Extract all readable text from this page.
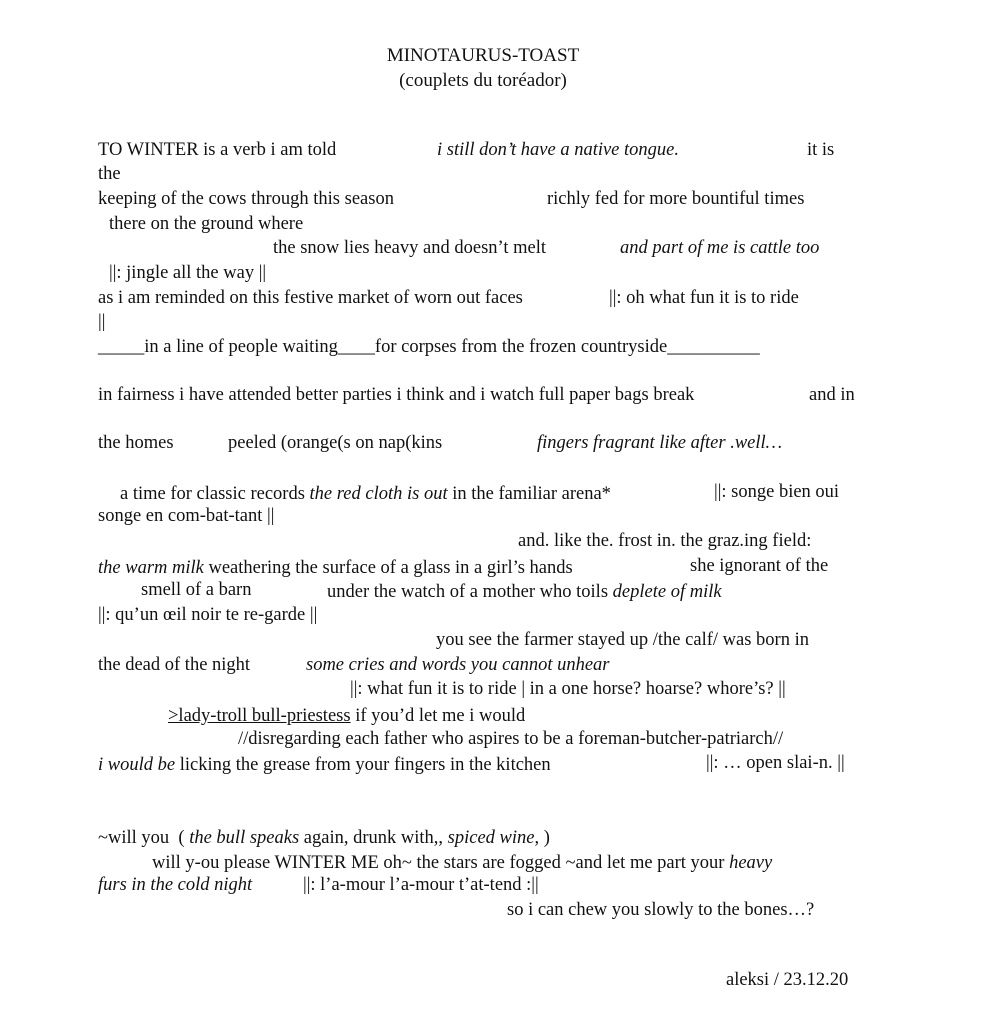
MINOTAURUS-TOAST
(couplets du toréador)
TO WINTER is a verb i am told	i still don’t have a native tongue.	it is
the
keeping of the cows through this season	richly fed for more bountiful times
there on the ground where
the snow lies heavy and doesn’t melt	and part of me is cattle too
||: jingle all the way ||
as i am reminded on this festive market of worn out faces	||: oh what fun it is to ride
||
_____in a line of people waiting____for corpses from the frozen countryside__________
in fairness i have attended better parties i think and i watch full paper bags break	and in
the homes	peeled (orange(s on nap(kins	fingers fragrant like after .well…
a time for classic records the red cloth is out in the familiar arena*	||: songe bien oui
songe en com-bat-tant ||
and. like the. frost in. the graz.ing field:
the warm milk weathering the surface of a glass in a girl’s hands	she ignorant of the
smell of a barn	under the watch of a mother who toils deplete of milk
||: qu’un œil noir te re-garde ||
you see the farmer stayed up /the calf/ was born in
the dead of the night	some cries and words you cannot unhear
||: what fun it is to ride | in a one horse? hoarse? whore’s? ||
>lady-troll bull-priestess if you’d let me i would
//disregarding each father who aspires to be a foreman-butcher-patriarch//
i would be licking the grease from your fingers in the kitchen	||: … open slai-n. ||
~will you  ( the bull speaks again, drunk with,, spiced wine, )
will y-ou please WINTER ME oh~ the stars are fogged ~and let me part your heavy
furs in the cold night	||: l’a-mour l’a-mour t’at-tend :||
so i can chew you slowly to the bones…?
aleksi / 23.12.20
